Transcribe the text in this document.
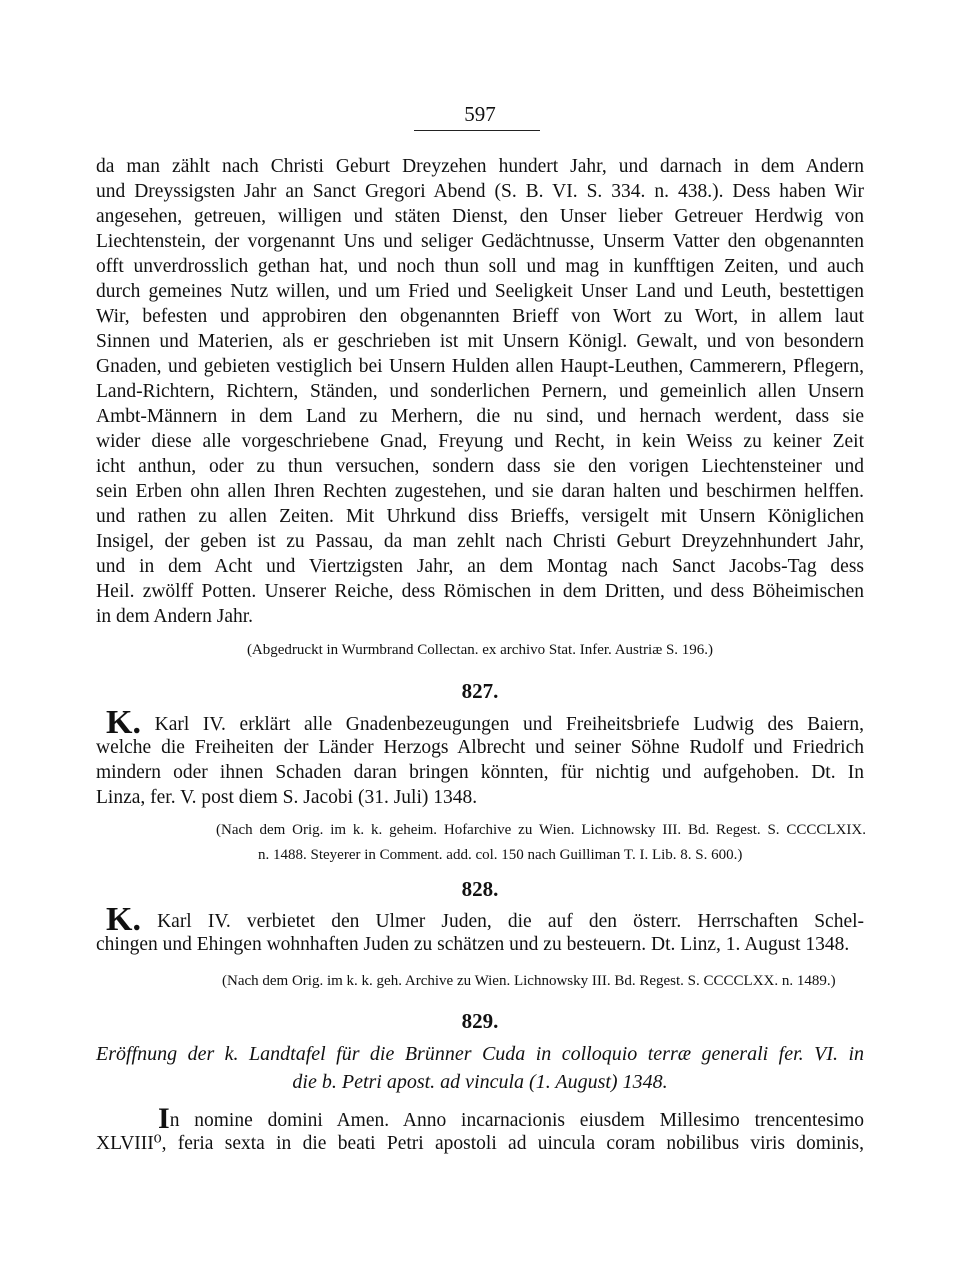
597
da man zählt nach Christi Geburt Dreyzehen hundert Jahr, und darnach in dem Andern
und Dreyssigsten Jahr an Sanct Gregori Abend (S. B. VI. S. 334. n. 438.). Dess haben Wir
angesehen, getreuen, willigen und stäten Dienst, den Unser lieber Getreuer Herdwig von
Liechtenstein, der vorgenannt Uns und seliger Gedächtnusse, Unserm Vatter den obgenannten
offt unverdrosslich gethan hat, und noch thun soll und mag in kunfftigen Zeiten, und auch
durch gemeines Nutz willen, und um Fried und Seeligkeit Unser Land und Leuth, bestettigen
Wir, befesten und approbiren den obgenannten Brieff von Wort zu Wort, in allem laut
Sinnen und Materien, als er geschrieben ist mit Unsern Königl. Gewalt, und von besondern
Gnaden, und gebieten vestiglich bei Unsern Hulden allen Haupt-Leuthen, Cammerern, Pflegern,
Land-Richtern, Richtern, Ständen, und sonderlichen Pernern, und gemeinlich allen Unsern
Ambt-Männern in dem Land zu Merhern, die nu sind, und hernach werdent, dass sie
wider diese alle vorgeschriebene Gnad, Freyung und Recht, in kein Weiss zu keiner Zeit
icht anthun, oder zu thun versuchen, sondern dass sie den vorigen Liechtensteiner und
sein Erben ohn allen Ihren Rechten zugestehen, und sie daran halten und beschirmen helffen.
und rathen zu allen Zeiten. Mit Uhrkund diss Brieffs, versigelt mit Unsern Königlichen
Insigel, der geben ist zu Passau, da man zehlt nach Christi Geburt Dreyzehnhundert Jahr,
und in dem Acht und Viertzigsten Jahr, an dem Montag nach Sanct Jacobs-Tag dess
Heil. zwölff Potten. Unserer Reiche, dess Römischen in dem Dritten, und dess Böheimischen
in dem Andern Jahr.
(Abgedruckt in Wurmbrand Collectan. ex archivo Stat. Infer. Austriæ S. 196.)
827.
K. Karl IV. erklärt alle Gnadenbezeugungen und Freiheitsbriefe Ludwig des Baiern,
welche die Freiheiten der Länder Herzogs Albrecht und seiner Söhne Rudolf und Friedrich
mindern oder ihnen Schaden daran bringen könnten, für nichtig und aufgehoben. Dt. In
Linza, fer. V. post diem S. Jacobi (31. Juli) 1348.
(Nach dem Orig. im k. k. geheim. Hofarchive zu Wien. Lichnowsky III. Bd. Regest. S. CCCCLXIX.
n. 1488. Steyerer in Comment. add. col. 150 nach Guilliman T. I. Lib. 8. S. 600.)
828.
K. Karl IV. verbietet den Ulmer Juden, die auf den österr. Herrschaften Schel-
chingen und Ehingen wohnhaften Juden zu schätzen und zu besteuern. Dt. Linz, 1. August 1348.
(Nach dem Orig. im k. k. geh. Archive zu Wien. Lichnowsky III. Bd. Regest. S. CCCCLXX. n. 1489.)
829.
Eröffnung der k. Landtafel für die Brünner Cuda in colloquio terræ generali fer. VI. in
die b. Petri apost. ad vincula (1. August) 1348.
In nomine domini Amen. Anno incarnacionis eiusdem Millesimo trencentesimo
XLVIII⁰, feria sexta in die beati Petri apostoli ad uincula coram nobilibus viris dominis,
